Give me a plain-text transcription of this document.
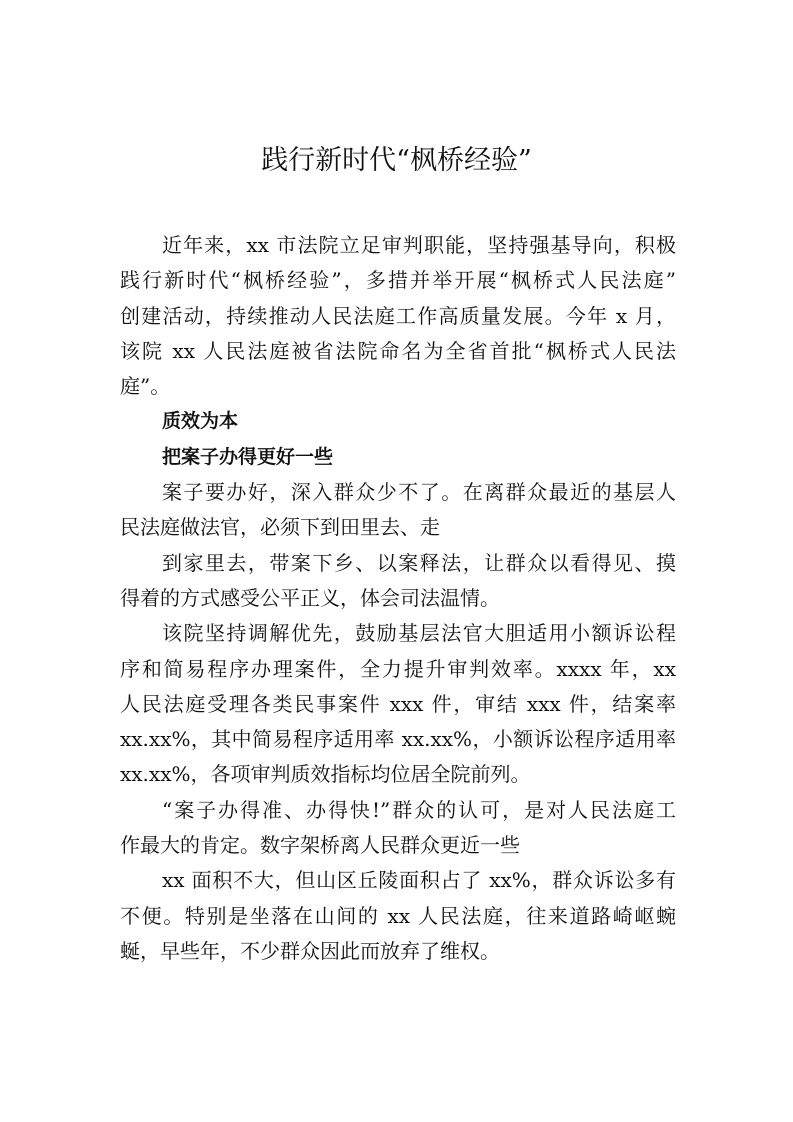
践行新时代“枫桥经验”
近年来，xx 市法院立足审判职能，坚持强基导向，积极
践行新时代“枫桥经验”，多措并举开展“枫桥式人民法庭”
创建活动，持续推动人民法庭工作高质量发展。今年 x 月，
该院 xx 人民法庭被省法院命名为全省首批“枫桥式人民法
庭”。
质效为本
把案子办得更好一些
案子要办好，深入群众少不了。在离群众最近的基层人
民法庭做法官，必须下到田里去、走
到家里去，带案下乡、以案释法，让群众以看得见、摸
得着的方式感受公平正义，体会司法温情。
该院坚持调解优先，鼓励基层法官大胆适用小额诉讼程
序和简易程序办理案件，全力提升审判效率。xxxx 年，xx
人民法庭受理各类民事案件 xxx 件，审结 xxx 件，结案率
xx.xx%，其中简易程序适用率 xx.xx%，小额诉讼程序适用率
xx.xx%，各项审判质效指标均位居全院前列。
“案子办得准、办得快!”群众的认可，是对人民法庭工
作最大的肯定。数字架桥离人民群众更近一些
xx 面积不大，但山区丘陵面积占了 xx%，群众诉讼多有
不便。特别是坐落在山间的 xx 人民法庭，往来道路崎岖蜿
蜒，早些年，不少群众因此而放弃了维权。
